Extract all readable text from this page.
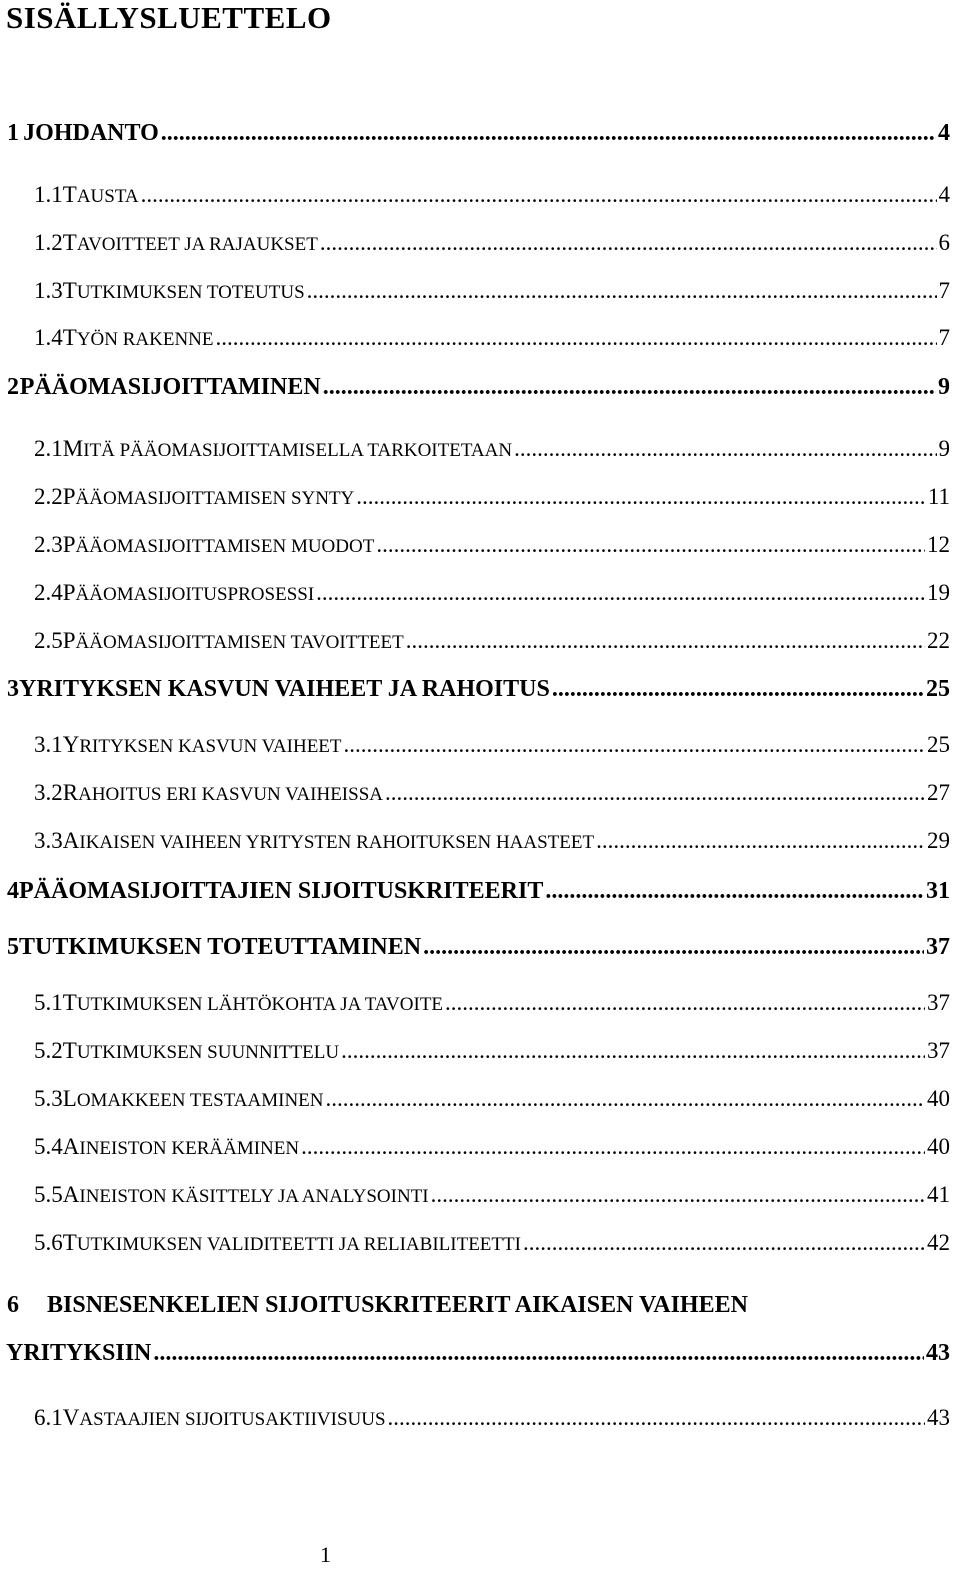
SISÄLLYSLUETTELO
1 JOHDANTO .....	4
1.1 TAUSTA .....	4
1.2 TAVOITTEET JA RAJAUKSET .....	6
1.3 TUTKIMUKSEN TOTEUTUS .....	7
1.4 TYÖN RAKENNE .....	7
2 PÄÄOMASIJOITTAMINEN .....	9
2.1 MITÄ PÄÄOMASIJOITTAMISELLA TARKOITETAAN .....	9
2.2 PÄÄOMASIJOITTAMISEN SYNTY .....	11
2.3 PÄÄOMASIJOITTAMISEN MUODOT .....	12
2.4 PÄÄOMASIJOITUSPROSESSI .....	19
2.5 PÄÄOMASIJOITTAMISEN TAVOITTEET .....	22
3 YRITYKSEN KASVUN VAIHEET JA RAHOITUS .....	25
3.1 YRITYKSEN KASVUN VAIHEET .....	25
3.2 RAHOITUS ERI KASVUN VAIHEISSA .....	27
3.3 AIKAISEN VAIHEEN YRITYSTEN RAHOITUKSEN HAASTEET .....	29
4 PÄÄOMASIJOITTAJIEN SIJOITUSKRITEERIT .....	31
5 TUTKIMUKSEN TOTEUTTAMINEN .....	37
5.1 TUTKIMUKSEN LÄHTÖKOHTA JA TAVOITE .....	37
5.2 TUTKIMUKSEN SUUNNITTELU .....	37
5.3 LOMAKKEEN TESTAAMINEN .....	40
5.4 AINEISTON KERÄÄMINEN .....	40
5.5 AINEISTON KÄSITTELY JA ANALYSOINTI .....	41
5.6 TUTKIMUKSEN VALIDITEETTI JA RELIABILITEETTI .....	42
6 BISNESENKELIEN SIJOITUSKRITEERIT AIKAISEN VAIHEEN
YRITYKSIIN .....	43
6.1 VASTAAJIEN SIJOITUSAKTIIVISUUS .....	43
1
